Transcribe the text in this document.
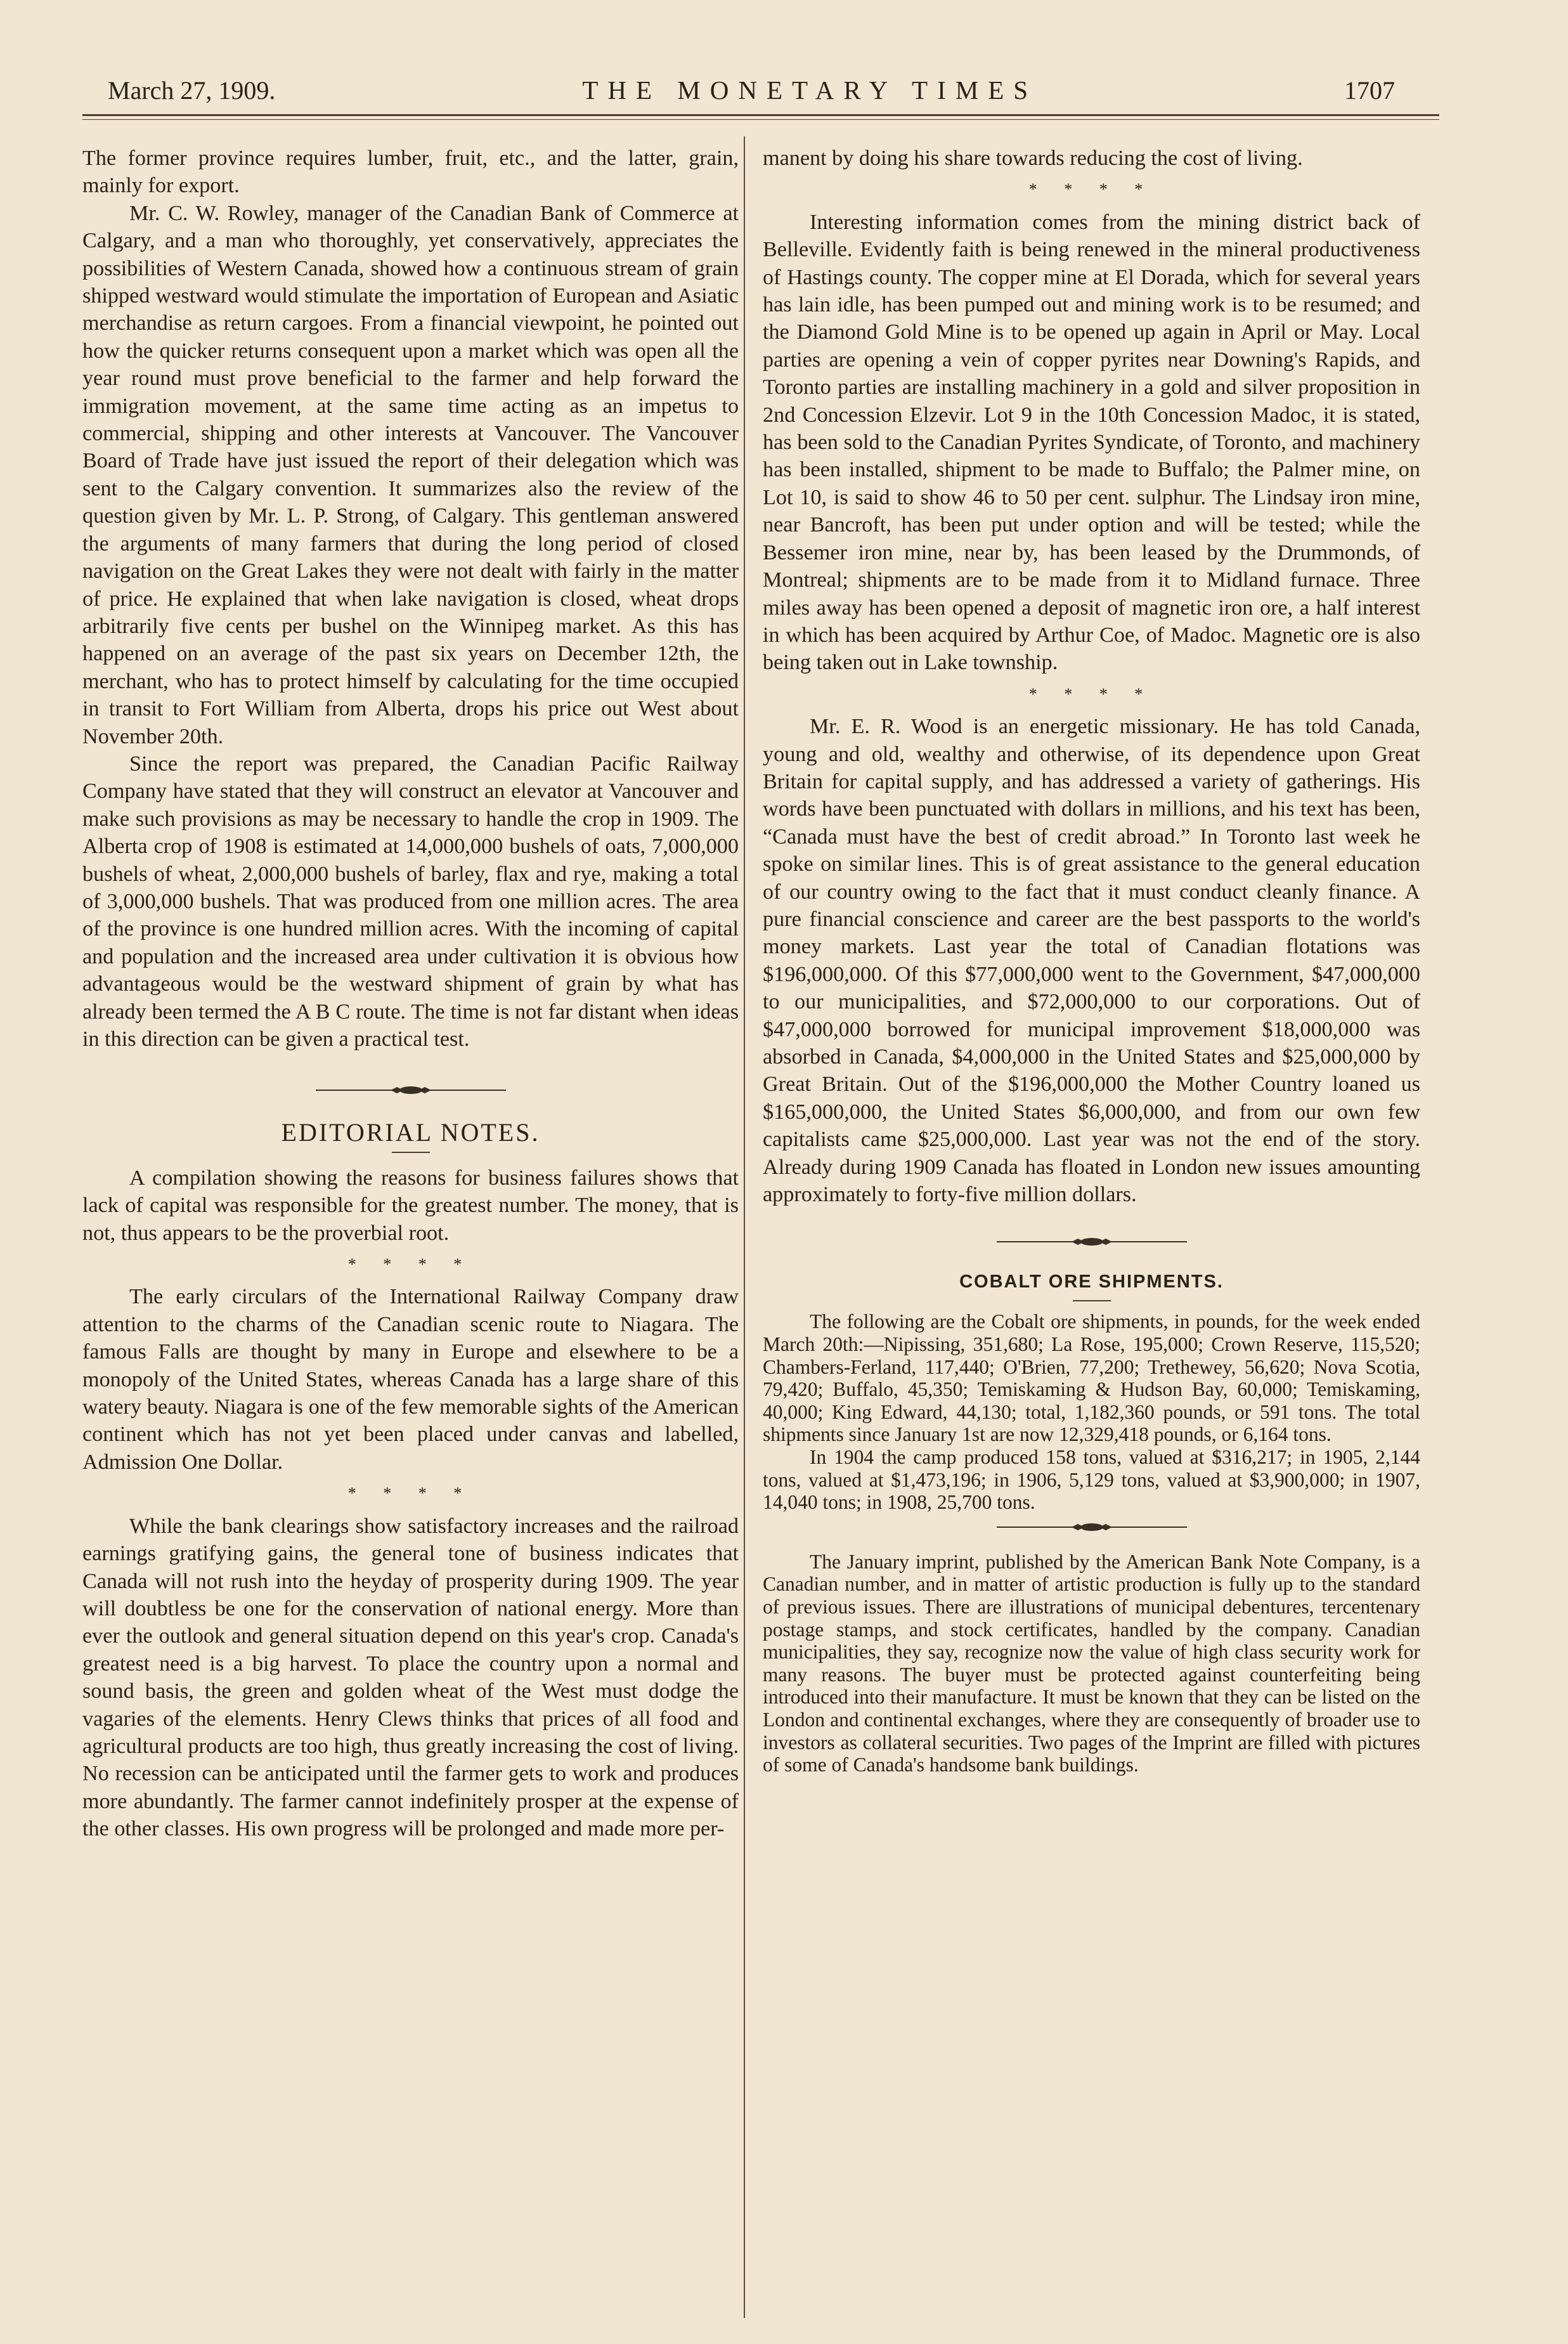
March 27, 1909.	THE MONETARY TIMES	1707

The former province requires lumber, fruit, etc., and the latter, grain, mainly for export.

Mr. C. W. Rowley, manager of the Canadian Bank of Commerce at Calgary, and a man who thoroughly, yet conservatively, appreciates the possibilities of Western Canada, showed how a continuous stream of grain shipped westward would stimulate the importation of European and Asiatic merchandise as return cargoes. From a financial viewpoint, he pointed out how the quicker returns consequent upon a market which was open all the year round must prove beneficial to the farmer and help forward the immigration movement, at the same time acting as an impetus to commercial, shipping and other interests at Vancouver. The Vancouver Board of Trade have just issued the report of their delegation which was sent to the Calgary convention. It summarizes also the review of the question given by Mr. L. P. Strong, of Calgary. This gentleman answered the arguments of many farmers that during the long period of closed navigation on the Great Lakes they were not dealt with fairly in the matter of price. He explained that when lake navigation is closed, wheat drops arbitrarily five cents per bushel on the Winnipeg market. As this has happened on an average of the past six years on December 12th, the merchant, who has to protect himself by calculating for the time occupied in transit to Fort William from Alberta, drops his price out West about November 20th.

Since the report was prepared, the Canadian Pacific Railway Company have stated that they will construct an elevator at Vancouver and make such provisions as may be necessary to handle the crop in 1909. The Alberta crop of 1908 is estimated at 14,000,000 bushels of oats, 7,000,000 bushels of wheat, 2,000,000 bushels of barley, flax and rye, making a total of 3,000,000 bushels. That was produced from one million acres. The area of the province is one hundred million acres. With the incoming of capital and population and the increased area under cultivation it is obvious how advantageous would be the westward shipment of grain by what has already been termed the A B C route. The time is not far distant when ideas in this direction can be given a practical test.

EDITORIAL NOTES.

A compilation showing the reasons for business failures shows that lack of capital was responsible for the greatest number. The money, that is not, thus appears to be the proverbial root.

* * * *

The early circulars of the International Railway Company draw attention to the charms of the Canadian scenic route to Niagara. The famous Falls are thought by many in Europe and elsewhere to be a monopoly of the United States, whereas Canada has a large share of this watery beauty. Niagara is one of the few memorable sights of the American continent which has not yet been placed under canvas and labelled, Admission One Dollar.

* * * *

While the bank clearings show satisfactory increases and the railroad earnings gratifying gains, the general tone of business indicates that Canada will not rush into the heyday of prosperity during 1909. The year will doubtless be one for the conservation of national energy. More than ever the outlook and general situation depend on this year's crop. Canada's greatest need is a big harvest. To place the country upon a normal and sound basis, the green and golden wheat of the West must dodge the vagaries of the elements. Henry Clews thinks that prices of all food and agricultural products are too high, thus greatly increasing the cost of living. No recession can be anticipated until the farmer gets to work and produces more abundantly. The farmer cannot indefinitely prosper at the expense of the other classes. His own progress will be prolonged and made more per-

manent by doing his share towards reducing the cost of living.

* * * *

Interesting information comes from the mining district back of Belleville. Evidently faith is being renewed in the mineral productiveness of Hastings county. The copper mine at El Dorada, which for several years has lain idle, has been pumped out and mining work is to be resumed; and the Diamond Gold Mine is to be opened up again in April or May. Local parties are opening a vein of copper pyrites near Downing's Rapids, and Toronto parties are installing machinery in a gold and silver proposition in 2nd Concession Elzevir. Lot 9 in the 10th Concession Madoc, it is stated, has been sold to the Canadian Pyrites Syndicate, of Toronto, and machinery has been installed, shipment to be made to Buffalo; the Palmer mine, on Lot 10, is said to show 46 to 50 per cent. sulphur. The Lindsay iron mine, near Bancroft, has been put under option and will be tested; while the Bessemer iron mine, near by, has been leased by the Drummonds, of Montreal; shipments are to be made from it to Midland furnace. Three miles away has been opened a deposit of magnetic iron ore, a half interest in which has been acquired by Arthur Coe, of Madoc. Magnetic ore is also being taken out in Lake township.

* * * *

Mr. E. R. Wood is an energetic missionary. He has told Canada, young and old, wealthy and otherwise, of its dependence upon Great Britain for capital supply, and has addressed a variety of gatherings. His words have been punctuated with dollars in millions, and his text has been, “Canada must have the best of credit abroad.” In Toronto last week he spoke on similar lines. This is of great assistance to the general education of our country owing to the fact that it must conduct cleanly finance. A pure financial conscience and career are the best passports to the world's money markets. Last year the total of Canadian flotations was $196,000,000. Of this $77,000,000 went to the Government, $47,000,000 to our municipalities, and $72,000,000 to our corporations. Out of $47,000,000 borrowed for municipal improvement $18,000,000 was absorbed in Canada, $4,000,000 in the United States and $25,000,000 by Great Britain. Out of the $196,000,000 the Mother Country loaned us $165,000,000, the United States $6,000,000, and from our own few capitalists came $25,000,000. Last year was not the end of the story. Already during 1909 Canada has floated in London new issues amounting approximately to forty-five million dollars.

COBALT ORE SHIPMENTS.

The following are the Cobalt ore shipments, in pounds, for the week ended March 20th:—Nipissing, 351,680; La Rose, 195,000; Crown Reserve, 115,520; Chambers-Ferland, 117,440; O'Brien, 77,200; Trethewey, 56,620; Nova Scotia, 79,420; Buffalo, 45,350; Temiskaming & Hudson Bay, 60,000; Temiskaming, 40,000; King Edward, 44,130; total, 1,182,360 pounds, or 591 tons. The total shipments since January 1st are now 12,329,418 pounds, or 6,164 tons.

In 1904 the camp produced 158 tons, valued at $316,217; in 1905, 2,144 tons, valued at $1,473,196; in 1906, 5,129 tons, valued at $3,900,000; in 1907, 14,040 tons; in 1908, 25,700 tons.

The January imprint, published by the American Bank Note Company, is a Canadian number, and in matter of artistic production is fully up to the standard of previous issues. There are illustrations of municipal debentures, tercentenary postage stamps, and stock certificates, handled by the company. Canadian municipalities, they say, recognize now the value of high class security work for many reasons. The buyer must be protected against counterfeiting being introduced into their manufacture. It must be known that they can be listed on the London and continental exchanges, where they are consequently of broader use to investors as collateral securities. Two pages of the Imprint are filled with pictures of some of Canada's handsome bank buildings.
